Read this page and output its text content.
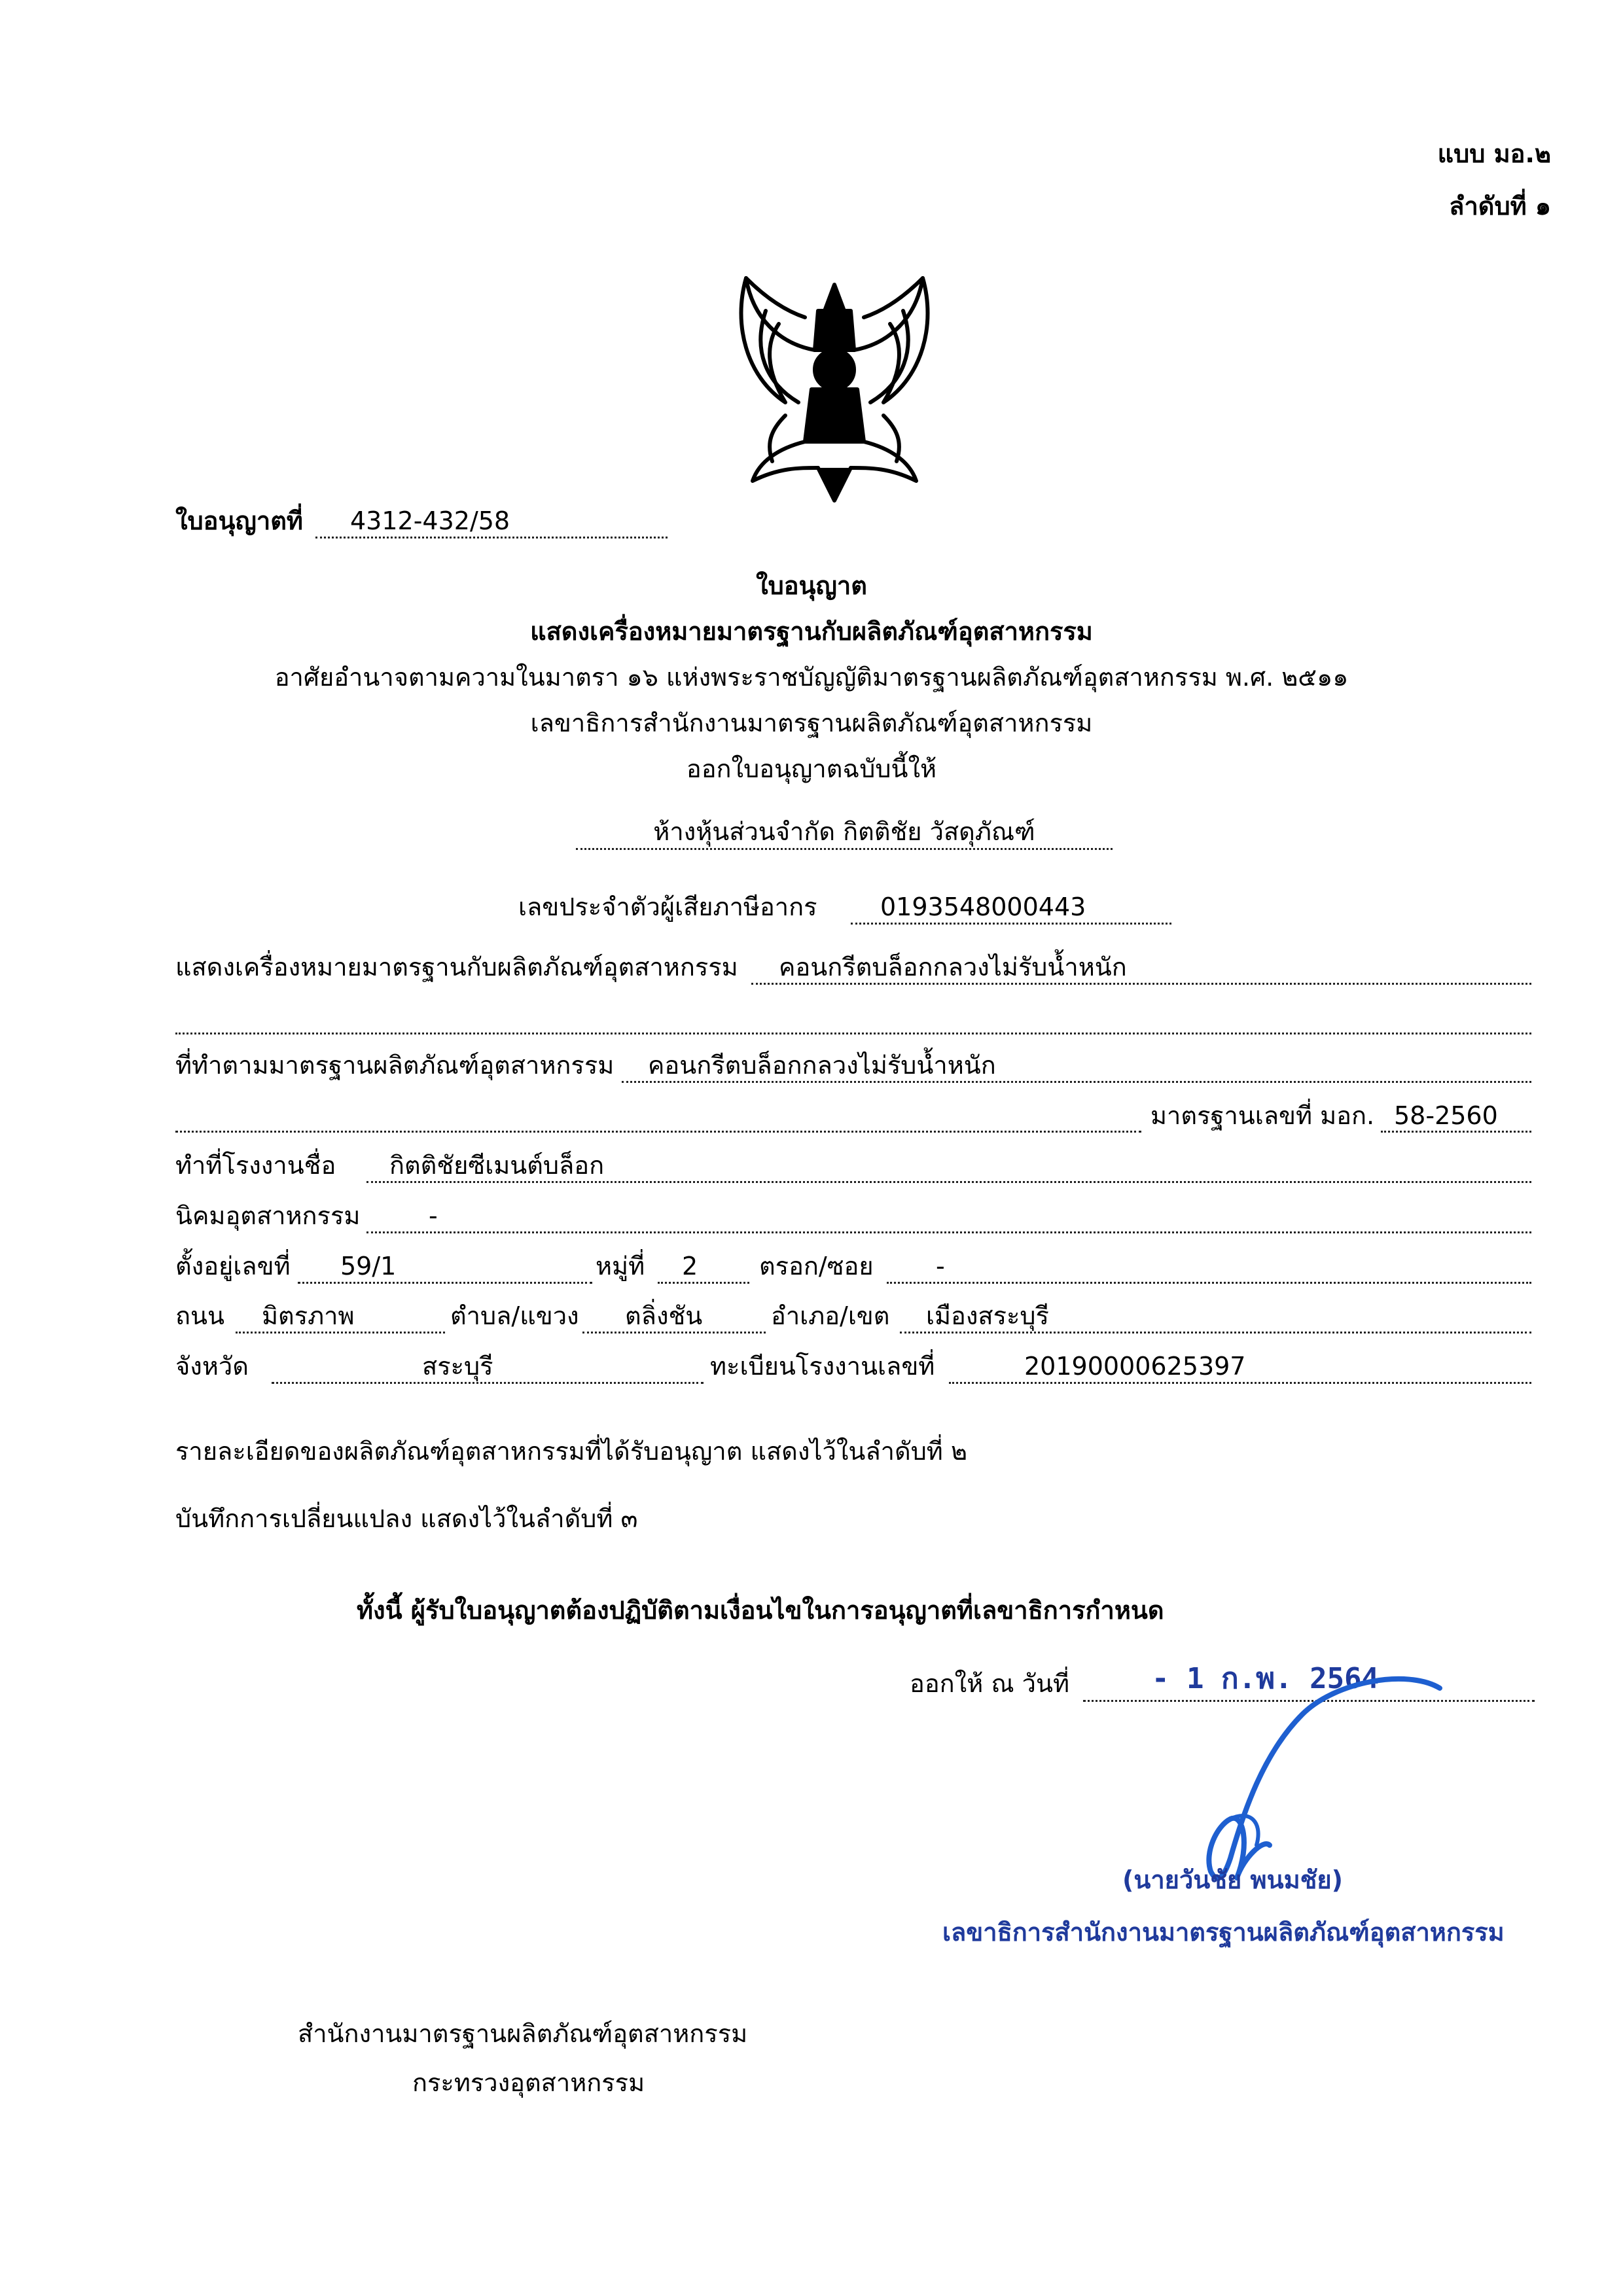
แบบ มอ.๒
ลำดับที่ ๑
ใบอนุญาตที่ 4312-432/58
ใบอนุญาต
แสดงเครื่องหมายมาตรฐานกับผลิตภัณฑ์อุตสาหกรรม
อาศัยอำนาจตามความในมาตรา ๑๖ แห่งพระราชบัญญัติมาตรฐานผลิตภัณฑ์อุตสาหกรรม พ.ศ. ๒๕๑๑
เลขาธิการสำนักงานมาตรฐานผลิตภัณฑ์อุตสาหกรรม
ออกใบอนุญาตฉบับนี้ให้
ห้างหุ้นส่วนจำกัด กิตติชัย วัสดุภัณฑ์
เลขประจำตัวผู้เสียภาษีอากร	0193548000443
แสดงเครื่องหมายมาตรฐานกับผลิตภัณฑ์อุตสาหกรรม คอนกรีตบล็อกกลวงไม่รับน้ำหนัก
ที่ทำตามมาตรฐานผลิตภัณฑ์อุตสาหกรรม คอนกรีตบล็อกกลวงไม่รับน้ำหนัก
มาตรฐานเลขที่ มอก. 58-2560
ทำที่โรงงานชื่อ กิตติชัยซีเมนต์บล็อก
นิคมอุตสาหกรรม	-
ตั้งอยู่เลขที่ 59/1	หมู่ที่ 2 ตรอก/ซอย	-
ถนน มิตรภาพ	ตำบล/แขวง ตลิ่งชัน	อำเภอ/เขต เมืองสระบุรี
จังหวัด	สระบุรี	ทะเบียนโรงงานเลขที่	20190000625397
รายละเอียดของผลิตภัณฑ์อุตสาหกรรมที่ได้รับอนุญาต แสดงไว้ในลำดับที่ ๒
บันทึกการเปลี่ยนแปลง แสดงไว้ในลำดับที่ ๓
ทั้งนี้ ผู้รับใบอนุญาตต้องปฏิบัติตามเงื่อนไขในการอนุญาตที่เลขาธิการกำหนด
ออกให้ ณ วันที่	- 1 ก.พ. 2564
(นายวันชัย พนมชัย)
เลขาธิการสำนักงานมาตรฐานผลิตภัณฑ์อุตสาหกรรม
สำนักงานมาตรฐานผลิตภัณฑ์อุตสาหกรรม
กระทรวงอุตสาหกรรม
